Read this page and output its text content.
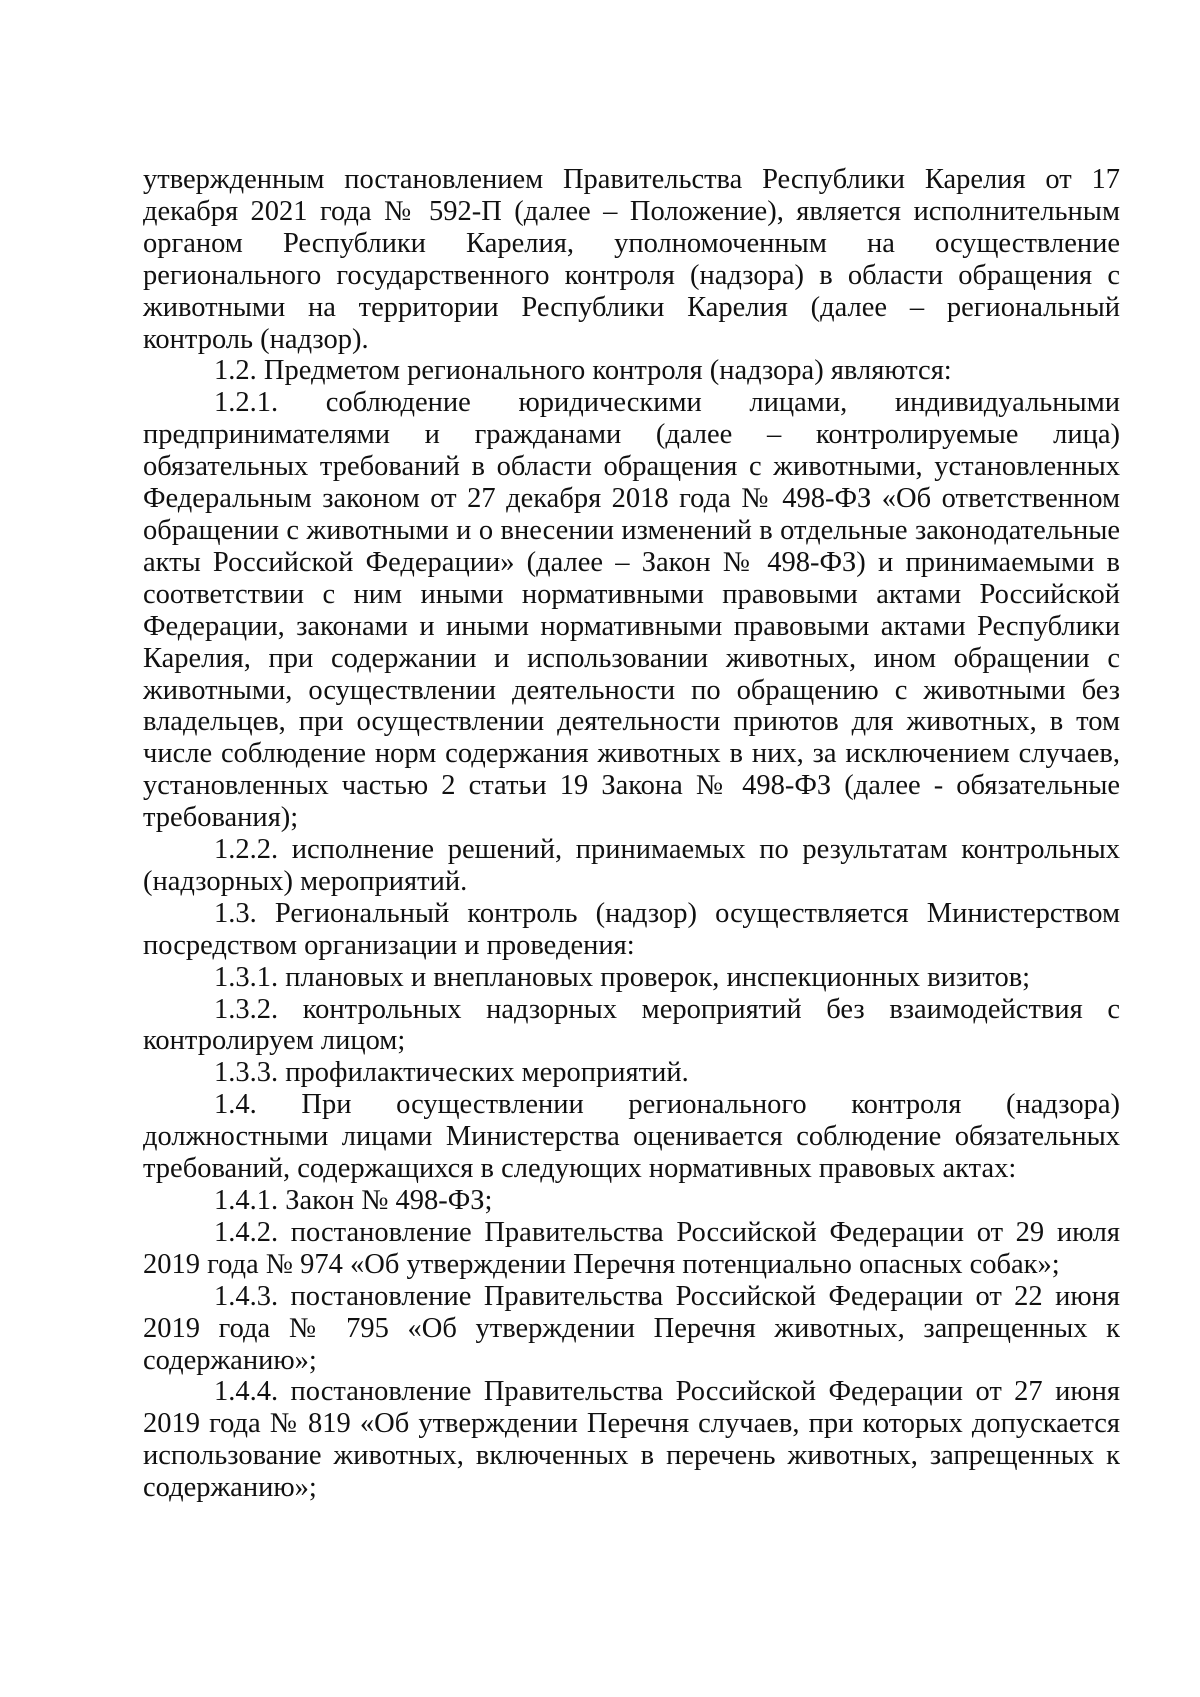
утвержденным постановлением Правительства Республики Карелия от 17 декабря 2021 года № 592-П (далее – Положение), является исполнительным органом Республики Карелия, уполномоченным на осуществление регионального государственного контроля (надзора) в области обращения с животными на территории Республики Карелия (далее – региональный контроль (надзор).

1.2. Предметом регионального контроля (надзора) являются:

1.2.1. соблюдение юридическими лицами, индивидуальными предпринимателями и гражданами (далее – контролируемые лица) обязательных требований в области обращения с животными, установленных Федеральным законом от 27 декабря 2018 года № 498-ФЗ «Об ответственном обращении с животными и о внесении изменений в отдельные законодательные акты Российской Федерации» (далее – Закон № 498-ФЗ) и принимаемыми в соответствии с ним иными нормативными правовыми актами Российской Федерации, законами и иными нормативными правовыми актами Республики Карелия, при содержании и использовании животных, ином обращении с животными, осуществлении деятельности по обращению с животными без владельцев, при осуществлении деятельности приютов для животных, в том числе соблюдение норм содержания животных в них, за исключением случаев, установленных частью 2 статьи 19 Закона № 498-ФЗ (далее - обязательные требования);

1.2.2. исполнение решений, принимаемых по результатам контрольных (надзорных) мероприятий.

1.3. Региональный контроль (надзор) осуществляется Министерством посредством организации и проведения:

1.3.1. плановых и внеплановых проверок, инспекционных визитов;

1.3.2. контрольных надзорных мероприятий без взаимодействия с контролируем лицом;

1.3.3. профилактических мероприятий.

1.4. При осуществлении регионального контроля (надзора) должностными лицами Министерства оценивается соблюдение обязательных требований, содержащихся в следующих нормативных правовых актах:

1.4.1. Закон № 498-ФЗ;

1.4.2. постановление Правительства Российской Федерации от 29 июля 2019 года № 974 «Об утверждении Перечня потенциально опасных собак»;

1.4.3. постановление Правительства Российской Федерации от 22 июня 2019 года № 795 «Об утверждении Перечня животных, запрещенных к содержанию»;

1.4.4. постановление Правительства Российской Федерации от 27 июня 2019 года № 819 «Об утверждении Перечня случаев, при которых допускается использование животных, включенных в перечень животных, запрещенных к содержанию»;
